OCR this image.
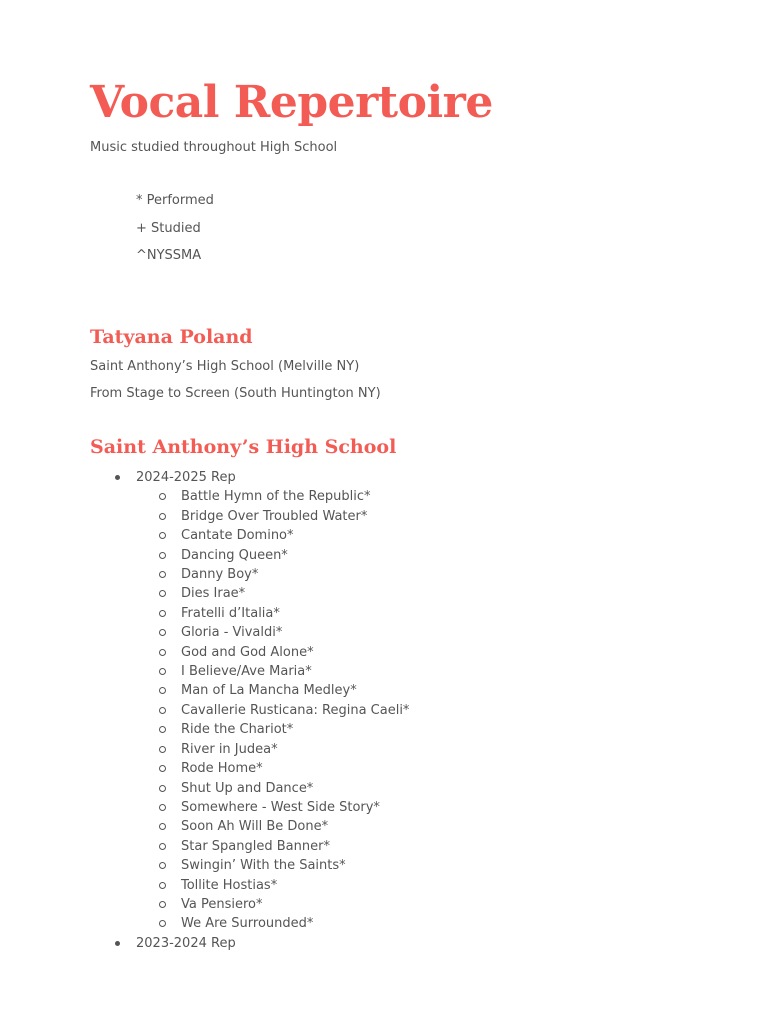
Vocal Repertoire
Music studied throughout High School
* Performed
+ Studied
^NYSSMA
Tatyana Poland
Saint Anthony’s High School (Melville NY)
From Stage to Screen (South Huntington NY)
Saint Anthony’s High School
2024-2025 Rep
Battle Hymn of the Republic*
Bridge Over Troubled Water*
Cantate Domino*
Dancing Queen*
Danny Boy*
Dies Irae*
Fratelli d’Italia*
Gloria - Vivaldi*
God and God Alone*
I Believe/Ave Maria*
Man of La Mancha Medley*
Cavallerie Rusticana: Regina Caeli*
Ride the Chariot*
River in Judea*
Rode Home*
Shut Up and Dance*
Somewhere - West Side Story*
Soon Ah Will Be Done*
Star Spangled Banner*
Swingin’ With the Saints*
Tollite Hostias*
Va Pensiero*
We Are Surrounded*
2023-2024 Rep
